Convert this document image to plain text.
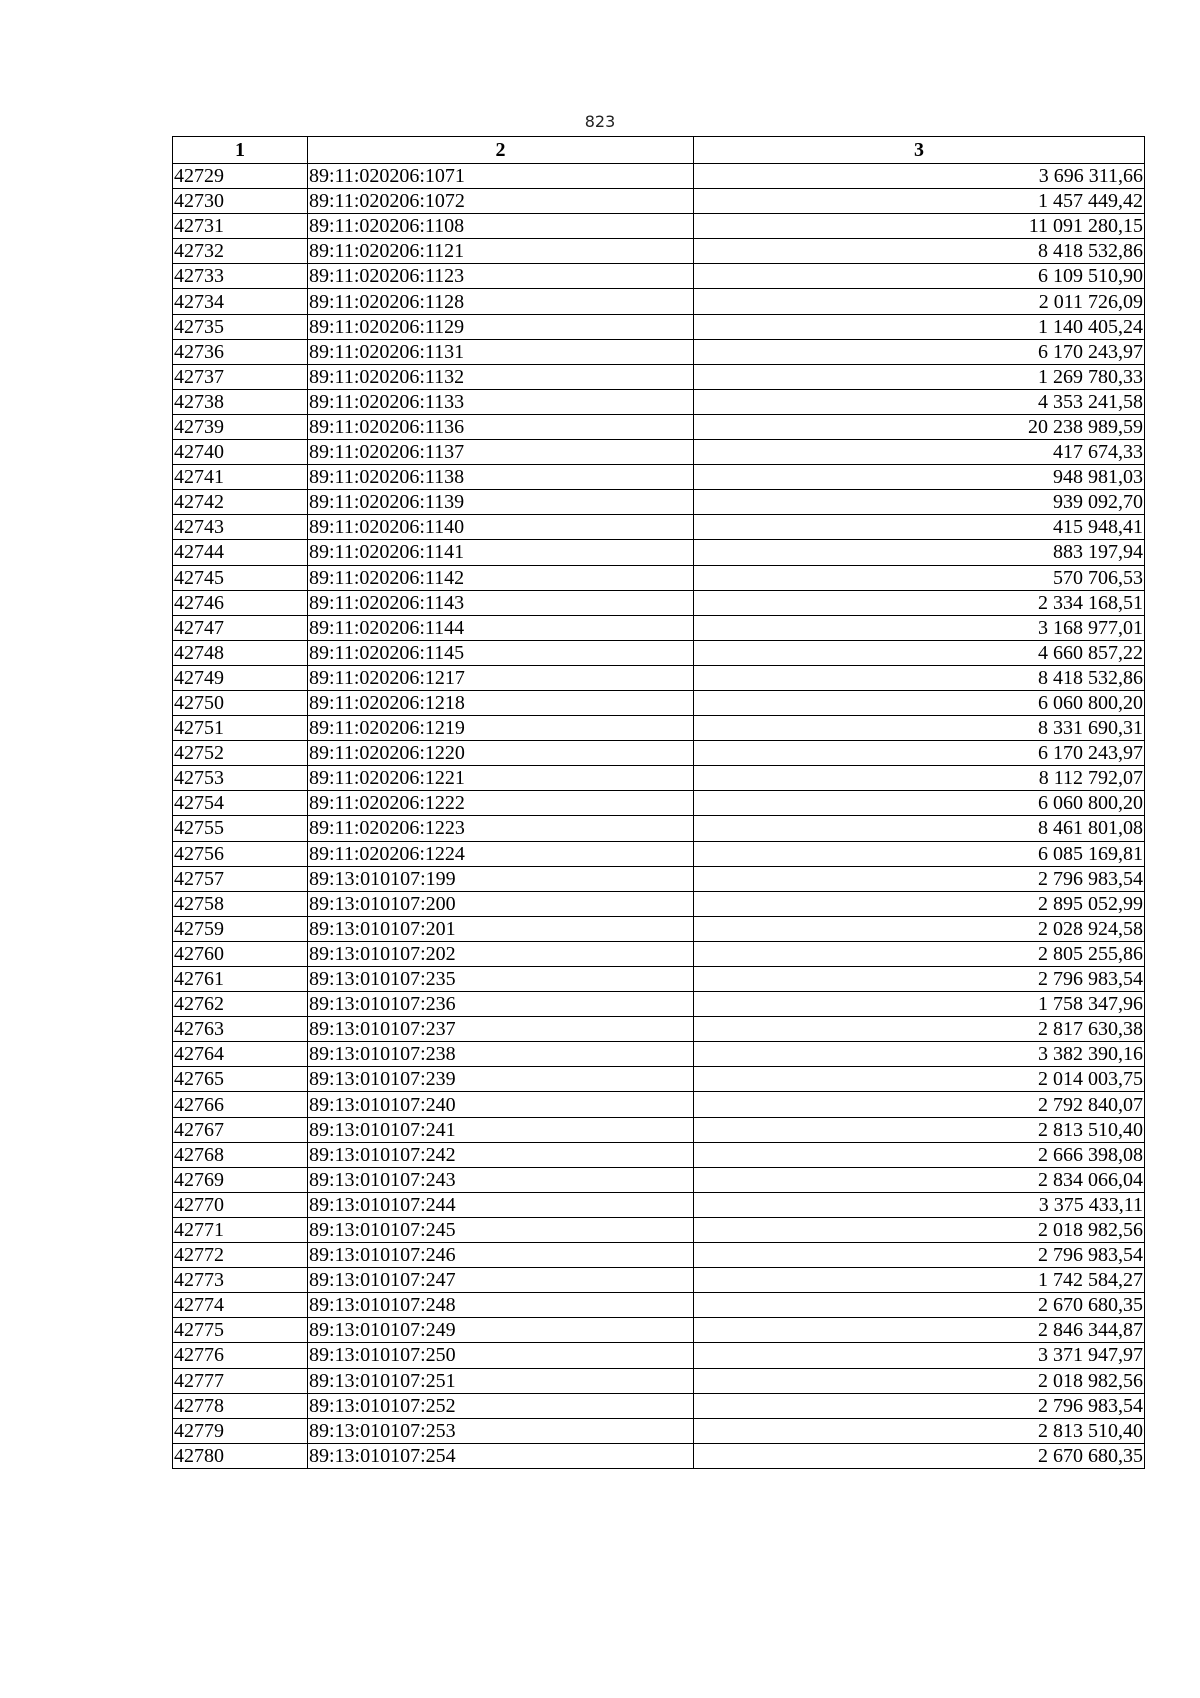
823
1	2	3
42729	89:11:020206:1071	3 696 311,66
42730	89:11:020206:1072	1 457 449,42
42731	89:11:020206:1108	11 091 280,15
42732	89:11:020206:1121	8 418 532,86
42733	89:11:020206:1123	6 109 510,90
42734	89:11:020206:1128	2 011 726,09
42735	89:11:020206:1129	1 140 405,24
42736	89:11:020206:1131	6 170 243,97
42737	89:11:020206:1132	1 269 780,33
42738	89:11:020206:1133	4 353 241,58
42739	89:11:020206:1136	20 238 989,59
42740	89:11:020206:1137	417 674,33
42741	89:11:020206:1138	948 981,03
42742	89:11:020206:1139	939 092,70
42743	89:11:020206:1140	415 948,41
42744	89:11:020206:1141	883 197,94
42745	89:11:020206:1142	570 706,53
42746	89:11:020206:1143	2 334 168,51
42747	89:11:020206:1144	3 168 977,01
42748	89:11:020206:1145	4 660 857,22
42749	89:11:020206:1217	8 418 532,86
42750	89:11:020206:1218	6 060 800,20
42751	89:11:020206:1219	8 331 690,31
42752	89:11:020206:1220	6 170 243,97
42753	89:11:020206:1221	8 112 792,07
42754	89:11:020206:1222	6 060 800,20
42755	89:11:020206:1223	8 461 801,08
42756	89:11:020206:1224	6 085 169,81
42757	89:13:010107:199	2 796 983,54
42758	89:13:010107:200	2 895 052,99
42759	89:13:010107:201	2 028 924,58
42760	89:13:010107:202	2 805 255,86
42761	89:13:010107:235	2 796 983,54
42762	89:13:010107:236	1 758 347,96
42763	89:13:010107:237	2 817 630,38
42764	89:13:010107:238	3 382 390,16
42765	89:13:010107:239	2 014 003,75
42766	89:13:010107:240	2 792 840,07
42767	89:13:010107:241	2 813 510,40
42768	89:13:010107:242	2 666 398,08
42769	89:13:010107:243	2 834 066,04
42770	89:13:010107:244	3 375 433,11
42771	89:13:010107:245	2 018 982,56
42772	89:13:010107:246	2 796 983,54
42773	89:13:010107:247	1 742 584,27
42774	89:13:010107:248	2 670 680,35
42775	89:13:010107:249	2 846 344,87
42776	89:13:010107:250	3 371 947,97
42777	89:13:010107:251	2 018 982,56
42778	89:13:010107:252	2 796 983,54
42779	89:13:010107:253	2 813 510,40
42780	89:13:010107:254	2 670 680,35
